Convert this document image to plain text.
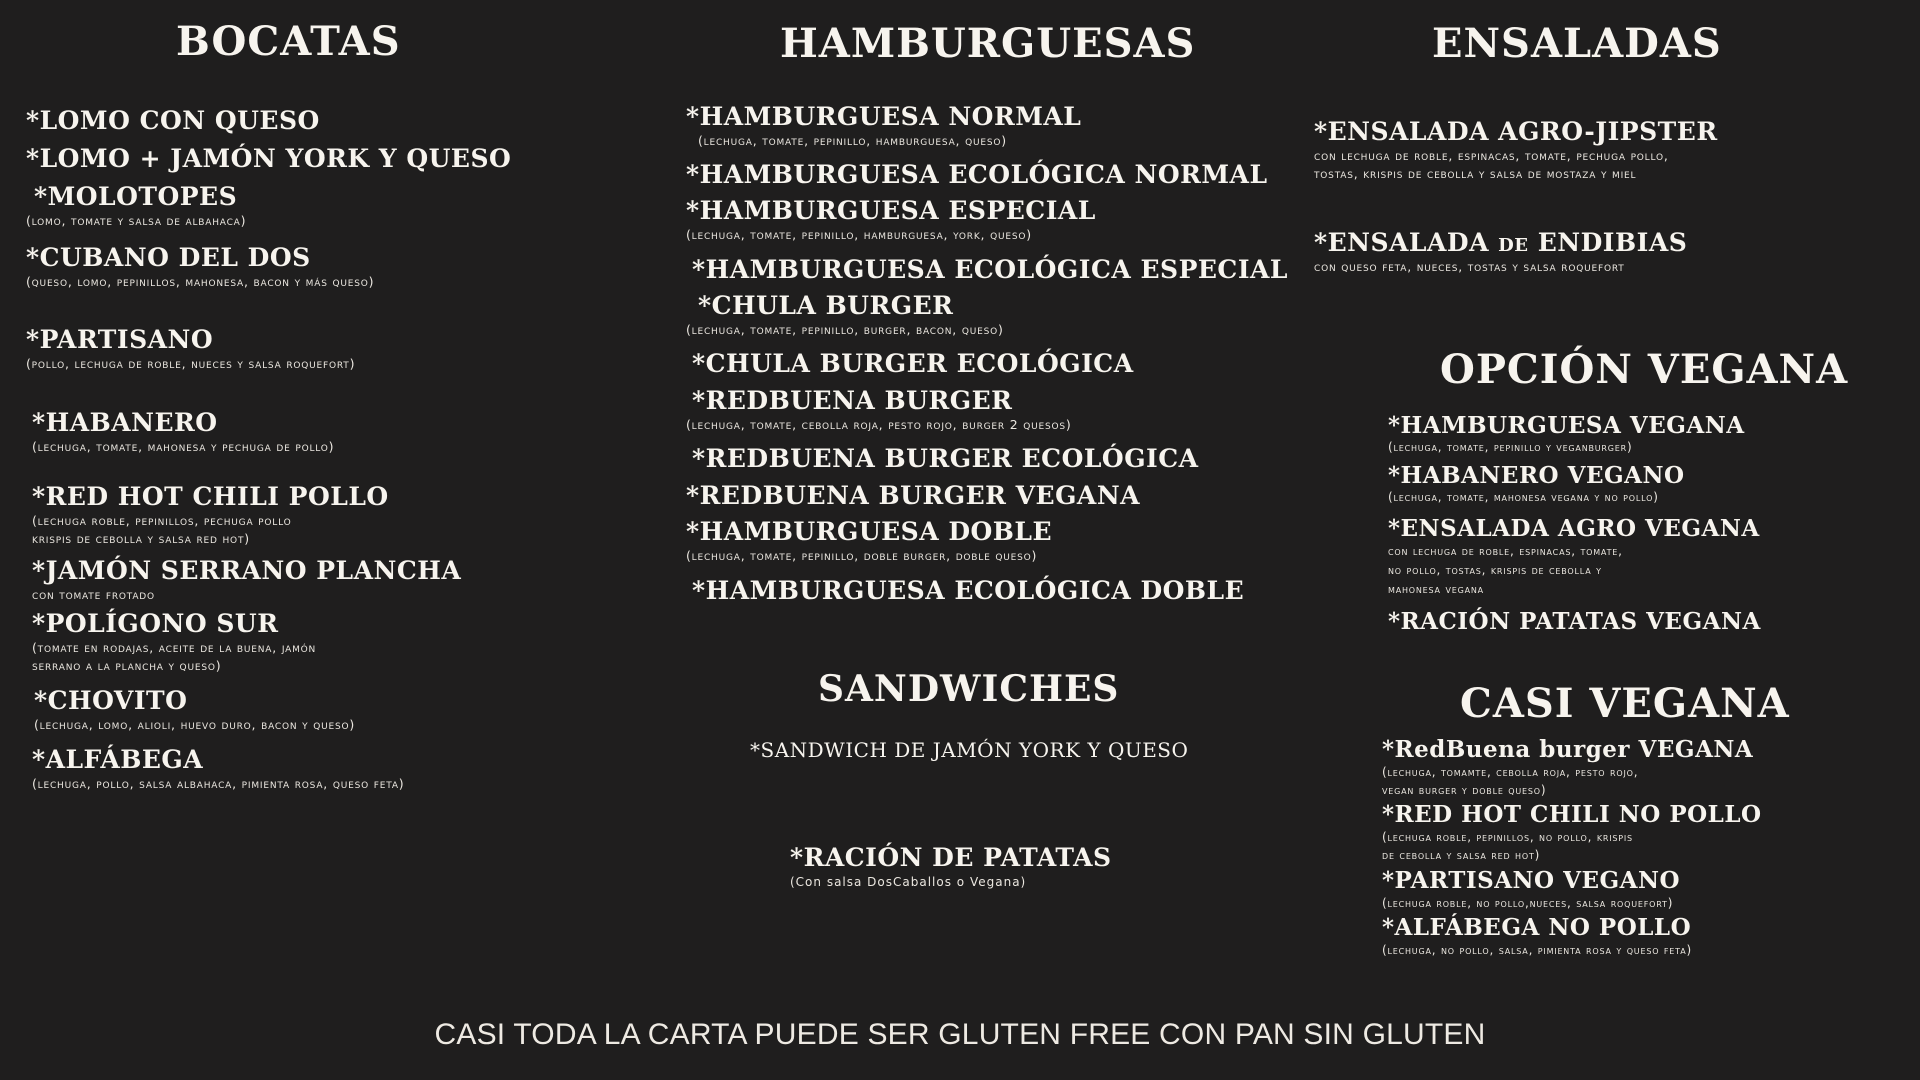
BOCATAS
*LOMO CON QUESO
*LOMO + JAMÓN YORK Y QUESO
*MOLOTOPES
(lomo, tomate y salsa de albahaca)
*CUBANO DEL DOS
(queso, lomo, pepinillos, mahonesa, bacon y más queso)
*PARTISANO
(pollo, lechuga de roble, nueces y salsa roquefort)
*HABANERO
(lechuga, tomate, mahonesa y pechuga de pollo)
*RED HOT CHILI POLLO
(lechuga roble, pepinillos, pechuga pollo
krispis de cebolla y salsa red hot)
*JAMÓN SERRANO PLANCHA
con tomate frotado
*POLÍGONO SUR
(tomate en rodajas, aceite de la buena, jamón
serrano a la plancha y queso)
*CHOVITO
(lechuga, lomo, alioli, huevo duro, bacon y queso)
*ALFÁBEGA
(lechuga, pollo, salsa albahaca, pimienta rosa, queso feta)
HAMBURGUESAS
*HAMBURGUESA NORMAL
(lechuga, tomate, pepinillo, hamburguesa, queso)
*HAMBURGUESA ECOLÓGICA NORMAL
*HAMBURGUESA ESPECIAL
(lechuga, tomate, pepinillo, hamburguesa, york, queso)
*HAMBURGUESA ECOLÓGICA ESPECIAL
*CHULA BURGER
(lechuga, tomate, pepinillo, burger, bacon, queso)
*CHULA BURGER ECOLÓGICA
*REDBUENA BURGER
(lechuga, tomate, cebolla roja, pesto rojo, burger 2 quesos)
*REDBUENA BURGER ECOLÓGICA
*REDBUENA BURGER VEGANA
*HAMBURGUESA DOBLE
(lechuga, tomate, pepinillo, doble burger, doble queso)
*HAMBURGUESA ECOLÓGICA DOBLE
SANDWICHES
*SANDWICH DE JAMÓN YORK Y QUESO
*RACIÓN DE PATATAS
(Con salsa DosCaballos o Vegana)
ENSALADAS
*ENSALADA AGRO-JIPSTER
con lechuga de roble, espinacas, tomate, pechuga pollo,
tostas, krispis de cebolla y salsa de mostaza y miel
*ENSALADA de ENDIBIAS
con queso feta, nueces, tostas y salsa roquefort
OPCIÓN VEGANA
*HAMBURGUESA VEGANA
(lechuga, tomate, pepinillo y veganburger)
*HABANERO VEGANO
(lechuga, tomate, mahonesa vegana y no pollo)
*ENSALADA AGRO VEGANA
con lechuga de roble, espinacas, tomate,
no pollo, tostas, krispis de cebolla y
mahonesa vegana
*RACIÓN PATATAS VEGANA
CASI VEGANA
*RedBuena burger VEGANA
(lechuga, tomamte, cebolla roja, pesto rojo,
vegan burger y doble queso)
*RED HOT CHILI NO POLLO
(lechuga roble, pepinillos, no pollo, krispis
de cebolla y salsa red hot)
*PARTISANO VEGANO
(lechuga roble, no pollo,nueces, salsa roquefort)
*ALFÁBEGA NO POLLO
(lechuga, no pollo, salsa, pimienta rosa y queso feta)
CASI TODA LA CARTA PUEDE SER GLUTEN FREE CON PAN SIN GLUTEN
